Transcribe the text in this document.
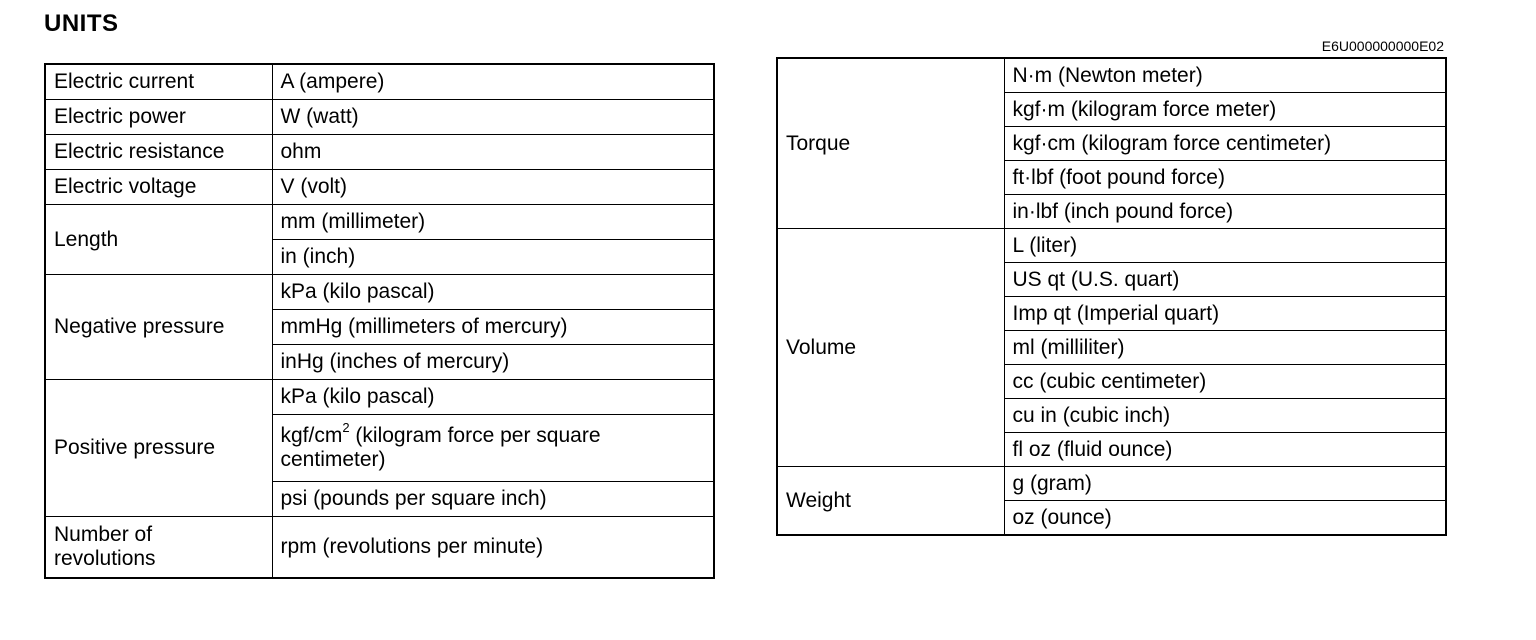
UNITS
E6U000000000E02
Electric current	A (ampere)
Electric power	W (watt)
Electric resistance	ohm
Electric voltage	V (volt)
Length	mm (millimeter)
	in (inch)
Negative pressure	kPa (kilo pascal)
	mmHg (millimeters of mercury)
	inHg (inches of mercury)
Positive pressure	kPa (kilo pascal)
	kgf/$cm^2$ (kilogram force per square
centimeter)
	psi (pounds per square inch)
Number of
revolutions	rpm (revolutions per minute)
Torque	N·m (Newton meter)
	kgf·m (kilogram force meter)
	kgf·cm (kilogram force centimeter)
	ft·lbf (foot pound force)
	in·lbf (inch pound force)
Volume	L (liter)
	US qt (U.S. quart)
	Imp qt (Imperial quart)
	ml (milliliter)
	cc (cubic centimeter)
	cu in (cubic inch)
	fl oz (fluid ounce)
Weight	g (gram)
	oz (ounce)
